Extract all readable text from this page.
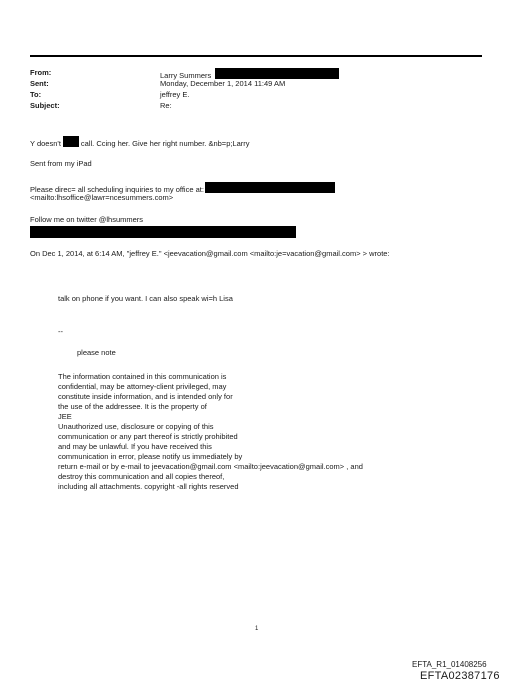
From:	Larry Summers
Sent:	Monday, December 1, 2014 11:49 AM
To:	jeffrey E.
Subject:	Re:
Y doesn't	call. Ccing her. Give her right number. &nb=p;Larry
Sent from my iPad
Please direc= all scheduling inquiries to my office at:
<mailto:lhsoffice@lawr=ncesummers.com>
Follow me on twitter @lhsummers
On Dec 1, 2014, at 6:14 AM, "jeffrey E." <jeevacation@gmail.com <mailto:je=vacation@gmail.com> > wrote:
talk on phone if you want. I can also speak wi=h Lisa
--
please note
The information contained in this communication is
confidential, may be attorney-client privileged, may
constitute inside information, and is intended only for
the use of the addressee. It is the property of
JEE
Unauthorized use, disclosure or copying of this
communication or any part thereof is strictly prohibited
and may be unlawful. If you have received this
communication in error, please notify us immediately by
return e-mail or by e-mail to jeevacation@gmail.com <mailto:jeevacation@gmail.com> , and
destroy this communication and all copies thereof,
including all attachments. copyright -all rights reserved
1
EFTA_R1_01408256
EFTA02387176
